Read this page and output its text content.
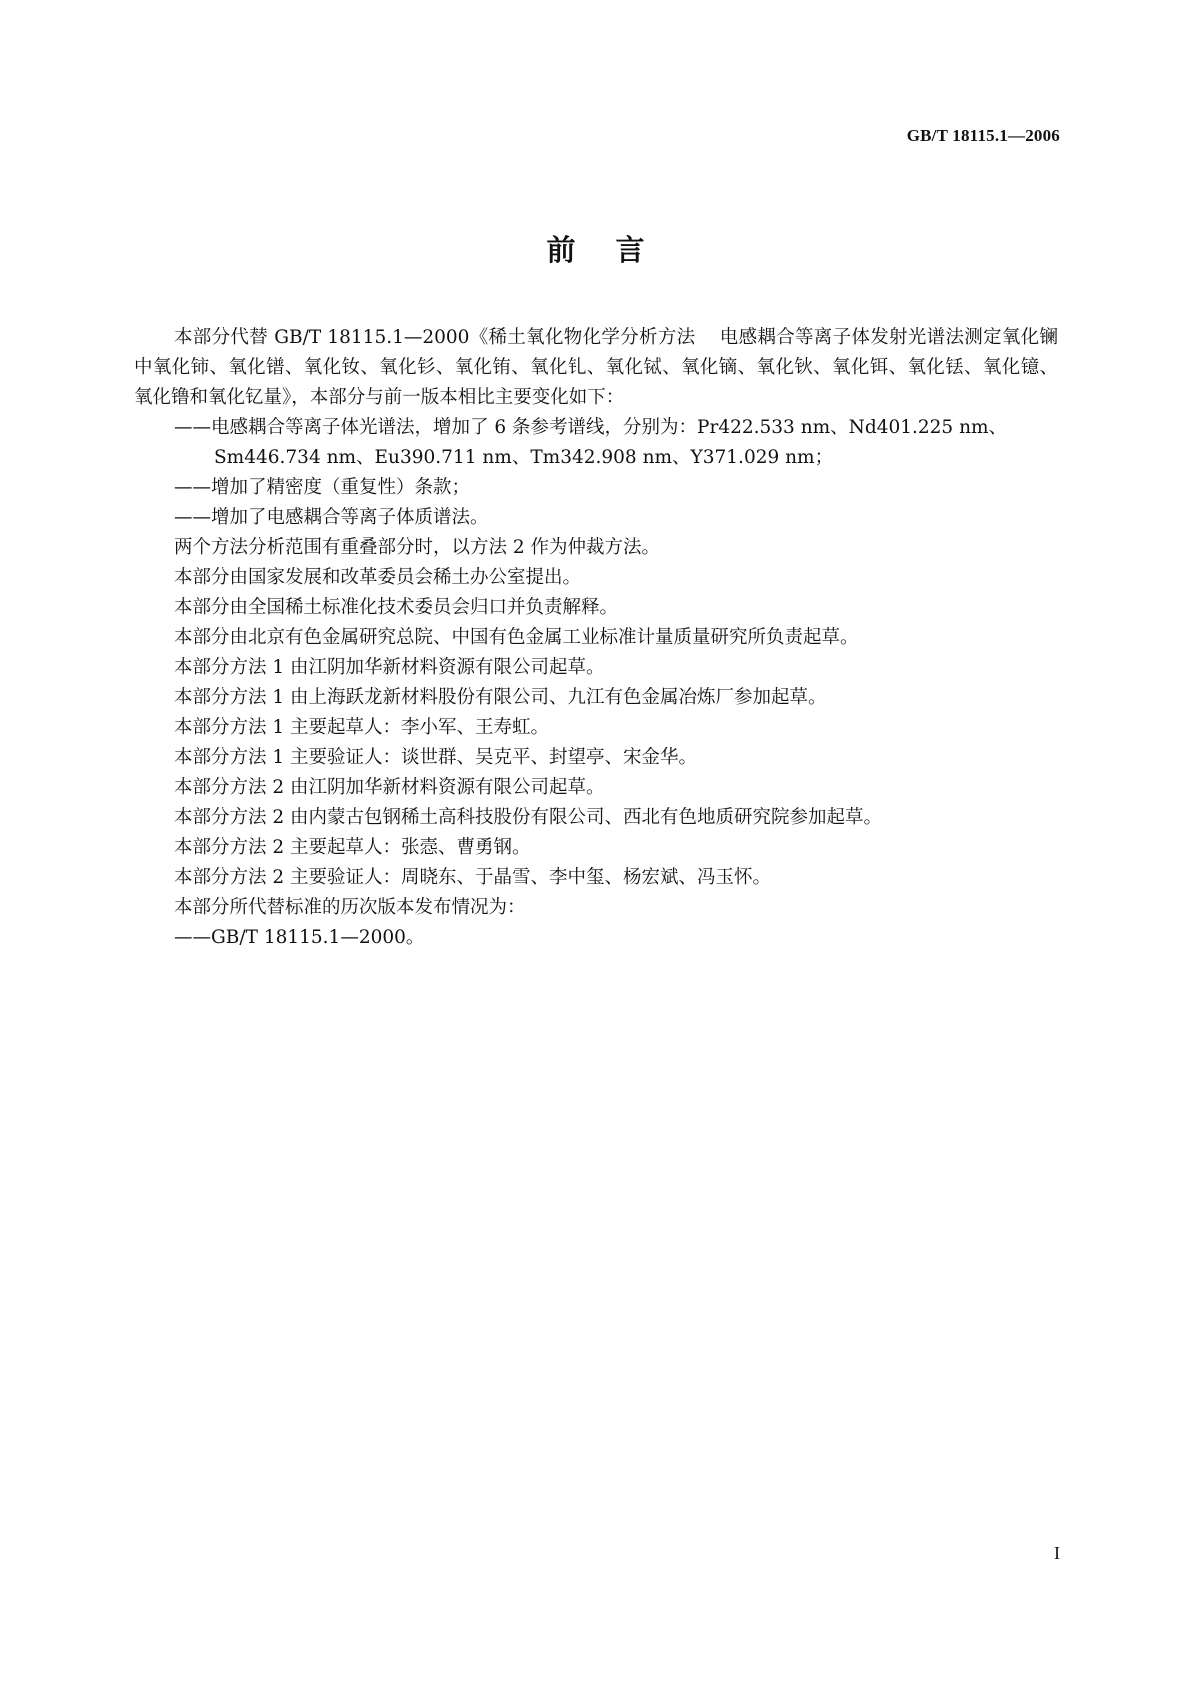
GB/T 18115.1—2006
前言

本部分代替 GB/T 18115.1—2000《稀土氧化物化学分析方法 电感耦合等离子体发射光谱法测定氧化镧中氧化铈、氧化镨、氧化钕、氧化钐、氧化铕、氧化钆、氧化铽、氧化镝、氧化钬、氧化铒、氧化铥、氧化镱、氧化镥和氧化钇量》，本部分与前一版本相比主要变化如下：

——电感耦合等离子体光谱法，增加了 6 条参考谱线，分别为：Pr422.533 nm、Nd401.225 nm、

Sm446.734 nm、Eu390.711 nm、Tm342.908 nm、Y371.029 nm；

——增加了精密度（重复性）条款；

——增加了电感耦合等离子体质谱法。

两个方法分析范围有重叠部分时，以方法 2 作为仲裁方法。

本部分由国家发展和改革委员会稀土办公室提出。

本部分由全国稀土标准化技术委员会归口并负责解释。

本部分由北京有色金属研究总院、中国有色金属工业标准计量质量研究所负责起草。

本部分方法 1 由江阴加华新材料资源有限公司起草。

本部分方法 1 由上海跃龙新材料股份有限公司、九江有色金属冶炼厂参加起草。

本部分方法 1 主要起草人：李小军、王寿虹。

本部分方法 1 主要验证人：谈世群、吴克平、封望亭、宋金华。

本部分方法 2 由江阴加华新材料资源有限公司起草。

本部分方法 2 由内蒙古包钢稀土高科技股份有限公司、西北有色地质研究院参加起草。

本部分方法 2 主要起草人：张悫、曹勇钢。

本部分方法 2 主要验证人：周晓东、于晶雪、李中玺、杨宏斌、冯玉怀。

本部分所代替标准的历次版本发布情况为：

——GB/T 18115.1—2000。

I
